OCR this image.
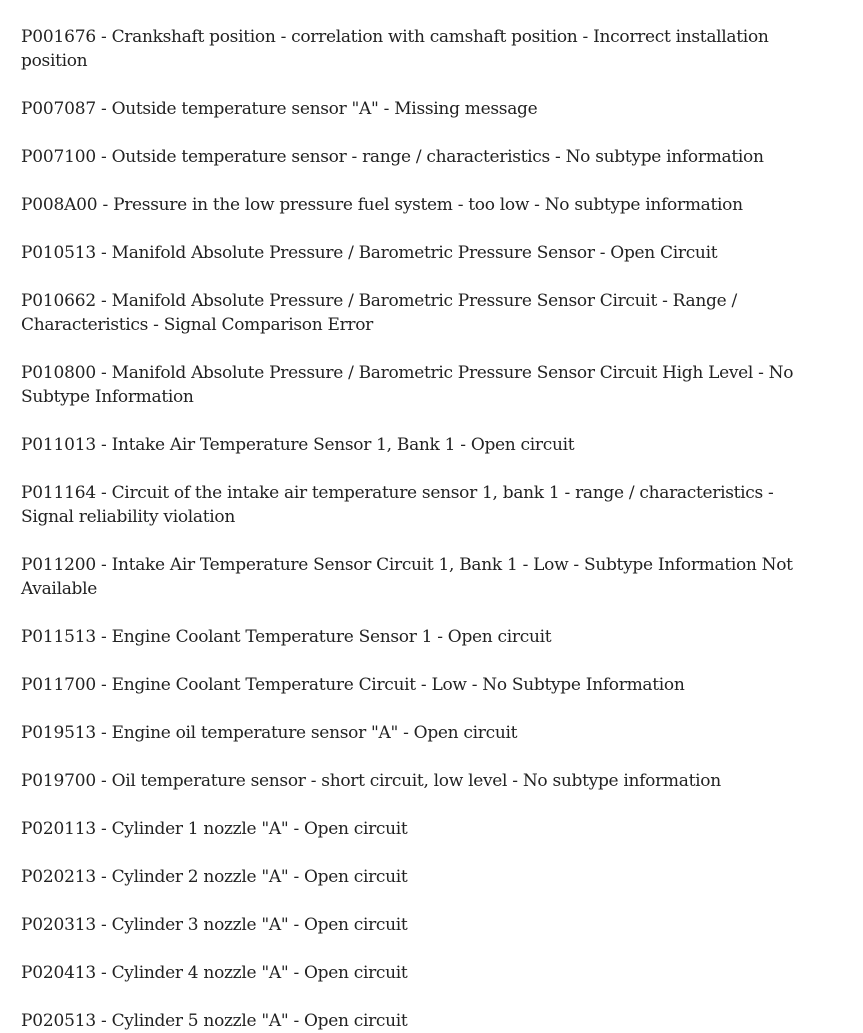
P001676 - Crankshaft position - correlation with camshaft position - Incorrect installation position
P007087 - Outside temperature sensor "A" - Missing message
P007100 - Outside temperature sensor - range / characteristics - No subtype information
P008A00 - Pressure in the low pressure fuel system - too low - No subtype information
P010513 - Manifold Absolute Pressure / Barometric Pressure Sensor - Open Circuit
P010662 - Manifold Absolute Pressure / Barometric Pressure Sensor Circuit - Range / Characteristics - Signal Comparison Error
P010800 - Manifold Absolute Pressure / Barometric Pressure Sensor Circuit High Level - No Subtype Information
P011013 - Intake Air Temperature Sensor 1, Bank 1 - Open circuit
P011164 - Circuit of the intake air temperature sensor 1, bank 1 - range / characteristics - Signal reliability violation
P011200 - Intake Air Temperature Sensor Circuit 1, Bank 1 - Low - Subtype Information Not Available
P011513 - Engine Coolant Temperature Sensor 1 - Open circuit
P011700 - Engine Coolant Temperature Circuit - Low - No Subtype Information
P019513 - Engine oil temperature sensor "A" - Open circuit
P019700 - Oil temperature sensor - short circuit, low level - No subtype information
P020113 - Cylinder 1 nozzle "A" - Open circuit
P020213 - Cylinder 2 nozzle "A" - Open circuit
P020313 - Cylinder 3 nozzle "A" - Open circuit
P020413 - Cylinder 4 nozzle "A" - Open circuit
P020513 - Cylinder 5 nozzle "A" - Open circuit
